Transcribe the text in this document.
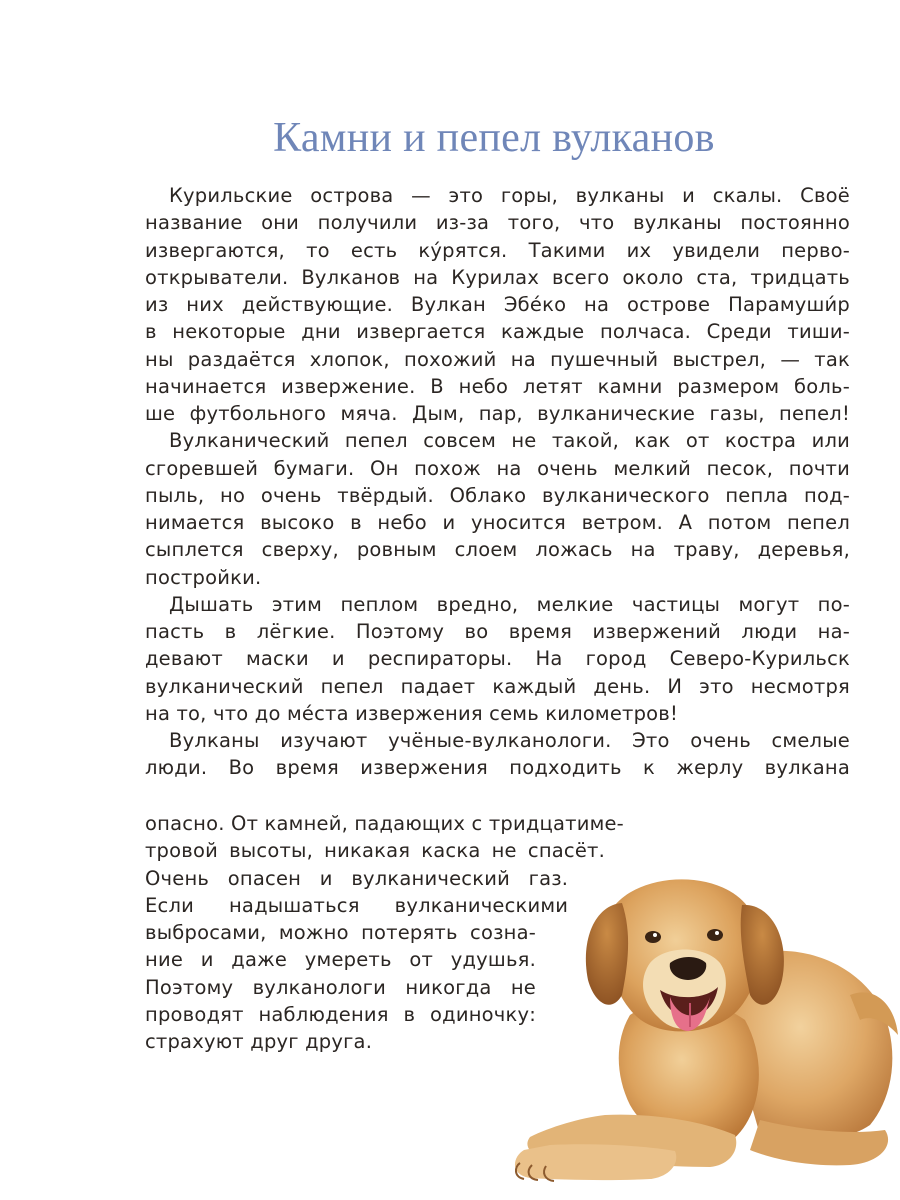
Камни и пепел вулканов
Курильские острова — это горы, вулканы и скалы. Своё
название они получили из-за того, что вулканы постоянно
извергаются, то есть ку́рятся. Такими их увидели перво-
открыватели. Вулканов на Курилах всего около ста, тридцать
из них действующие. Вулкан Эбе́ко на острове Парамуши́р
в некоторые дни извергается каждые полчаса. Среди тиши-
ны раздаётся хлопок, похожий на пушечный выстрел, — так
начинается извержение. В небо летят камни размером боль-
ше футбольного мяча. Дым, пар, вулканические газы, пепел!
Вулканический пепел совсем не такой, как от костра или
сгоревшей бумаги. Он похож на очень мелкий песок, почти
пыль, но очень твёрдый. Облако вулканического пепла под-
нимается высоко в небо и уносится ветром. А потом пепел
сыплется сверху, ровным слоем ложась на траву, деревья,
постройки.
Дышать этим пеплом вредно, мелкие частицы могут по-
пасть в лёгкие. Поэтому во время извержений люди на-
девают маски и респираторы. На город Северо-Курильск
вулканический пепел падает каждый день. И это несмотря
на то, что до ме́ста извержения семь километров!
Вулканы изучают учёные-вулканологи. Это очень смелые
люди. Во время извержения подходить к жерлу вулкана
опасно. От камней, падающих с тридцатиме-
тровой высоты, никакая каска не спасёт.
Очень опасен и вулканический газ.
Если надышаться вулканическими
выбросами, можно потерять созна-
ние и даже умереть от удушья.
Поэтому вулканологи никогда не
проводят наблюдения в одиночку:
страхуют друг друга.
